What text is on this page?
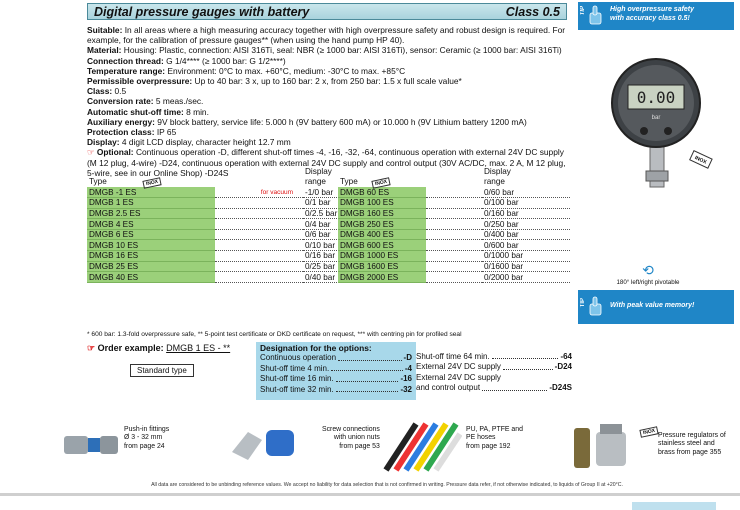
Digital pressure gauges with battery	Class 0.5	TIP	High overpressure safety
with accuracy class 0.5!
Suitable: In all areas where a high measuring accuracy together with high overpressure safety and robust design is required. For example, for the calibration of pressure gauges** (when using the hand pump HP 40).
Material: Housing: Plastic, connection: AISI 316Ti, seal: NBR (≥ 1000 bar: AISI 316Ti), sensor: Ceramic (≥ 1000 bar: AISI 316Ti)
Connection thread: G 1/4**** (≥ 1000 bar: G 1/2****)
Temperature range: Environment: 0°C to max. +60°C, medium: -30°C to max. +85°C
Permissible overpressure: Up to 40 bar: 3 x, up to 160 bar: 2 x, from 250 bar: 1.5 x full scale value*
Class: 0.5
Conversion rate: 5 meas./sec.
Automatic shut-off time: 8 min.
Auxiliary energy: 9V block battery, service life: 5.000 h (9V battery 600 mA) or 10.000 h (9V Lithium battery 1200 mA)
Protection class: IP 65
Display: 4 digit LCD display, character height 12.7 mm
☞ Optional: Continuous operation -D, different shut-off times -4, -16, -32, -64, continuous operation with external 24V DC supply (M 12 plug, 4-wire) -D24, continuous operation with external 24V DC supply and control output (30V AC/DC, max. 2 A, M 12 plug, 5-wire, see in our Online Shop) -D24S
Type INOX		Display
range

DMGB -1 ES	for vacuum	-1/0 bar
DMGB 1 ES		0/1 bar
DMGB 2.5 ES		0/2.5 bar
DMGB 4 ES		0/4 bar
DMGB 6 ES		0/6 bar
DMGB 10 ES		0/10 bar
DMGB 16 ES		0/16 bar
DMGB 25 ES		0/25 bar
DMGB 40 ES		0/40 bar
Type INOX		Display
range

DMGB 60 ES		0/60 bar
DMGB 100 ES		0/100 bar
DMGB 160 ES		0/160 bar
DMGB 250 ES		0/250 bar
DMGB 400 ES		0/400 bar
DMGB 600 ES		0/600 bar
DMGB 1000 ES		0/1000 bar
DMGB 1600 ES		0/1600 bar
DMGB 2000 ES		0/2000 bar
* 600 bar: 1.3-fold overpressure safe, ** 5-point test certificate or DKD certificate on request, *** with centring pin for profiled seal
☞ Order example: DMGB 1 ES - **
Standard type
Designation for the options:
Continuous operation	-D
Shut-off time 4 min.	-4
Shut-off time 16 min.	-16
Shut-off time 32 min.	-32
Shut-off time 64 min.	-64
External 24V DC supply	-D24
External 24V DC supply
and control output	-D24S
0.00
bar
INOX
⟲
180° left/right pivotable
TIP	With peak value memory!
Push-in fittings
Ø 3 - 32 mm
from page 24
Screw connections
with union nuts
from page 53
PU, PA, PTFE and
PE hoses
from page 192
INOX Pressure regulators of
stainless steel and
brass from page 355
All data are considered to be unbinding reference values. We accept no liability for data selection that is not confirmed in writing. Pressure data refer, if not otherwise indicated, to liquids of Group II at +20°C.
